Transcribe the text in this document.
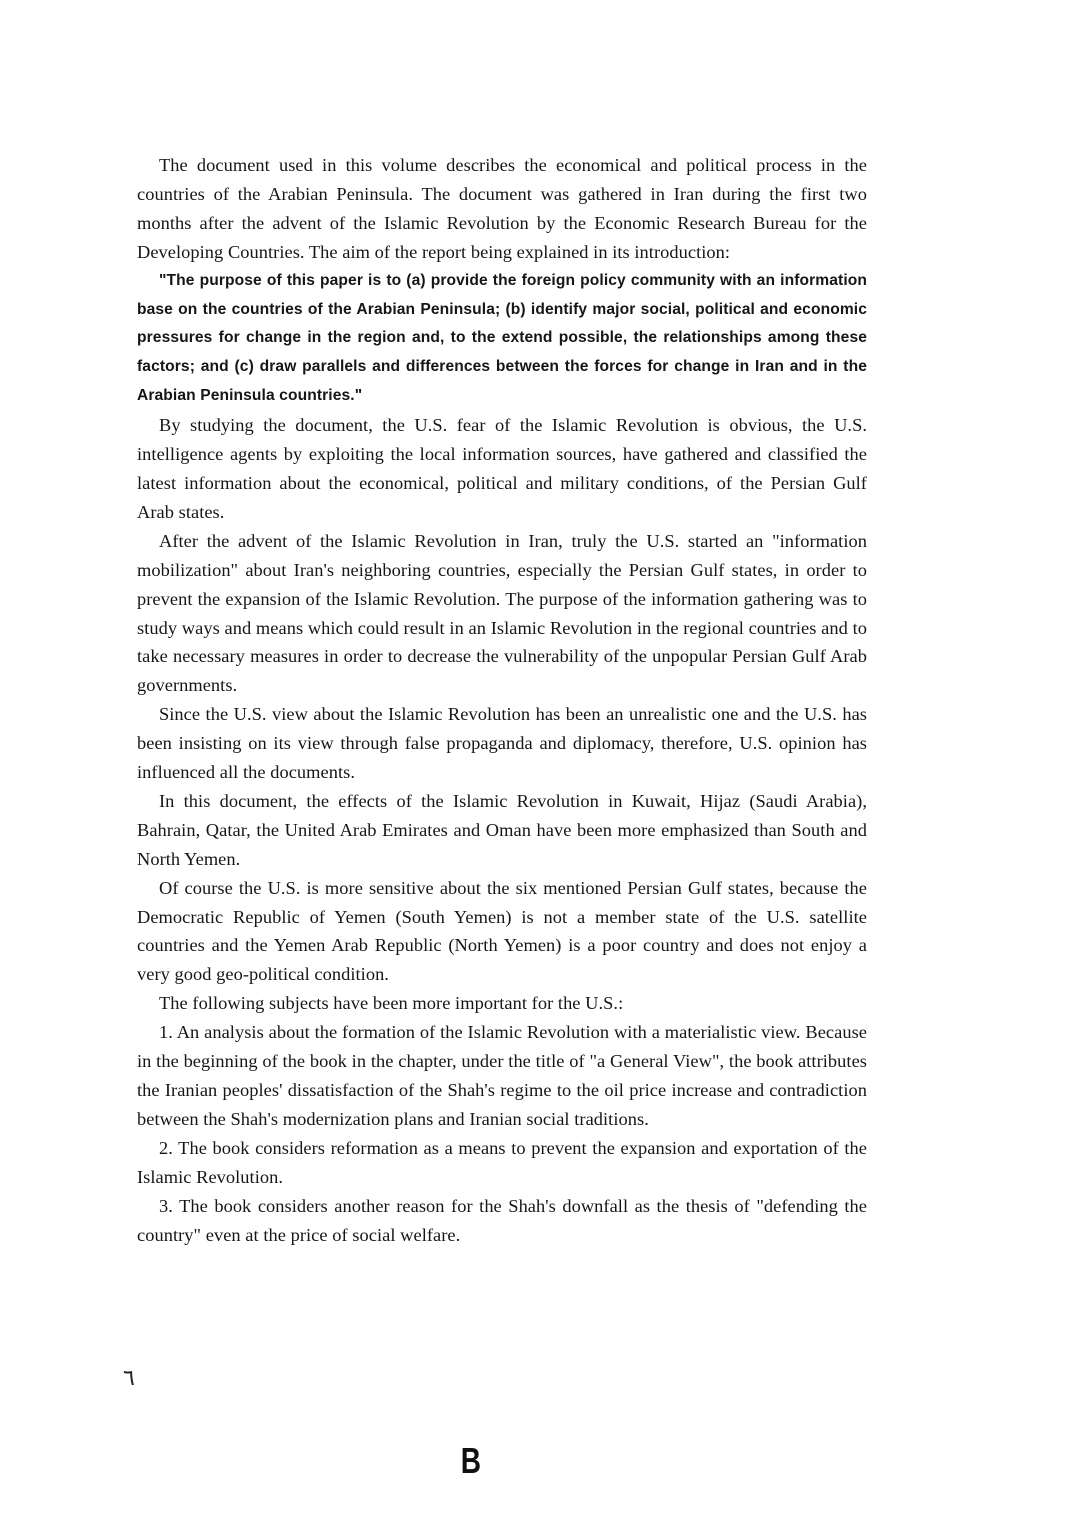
The document used in this volume describes the economical and political process in the countries of the Arabian Peninsula. The document was gathered in Iran during the first two months after the advent of the Islamic Revolution by the Economic Research Bureau for the Developing Countries. The aim of the report being explained in its introduction:

"The purpose of this paper is to (a) provide the foreign policy community with an information base on the countries of the Arabian Peninsula; (b) identify major social, political and economic pressures for change in the region and, to the extend possible, the relationships among these factors; and (c) draw parallels and differences between the forces for change in Iran and in the Arabian Peninsula countries."

By studying the document, the U.S. fear of the Islamic Revolution is obvious, the U.S. intelligence agents by exploiting the local information sources, have gathered and classified the latest information about the economical, political and military conditions, of the Persian Gulf Arab states.

After the advent of the Islamic Revolution in Iran, truly the U.S. started an "information mobilization" about Iran's neighboring countries, especially the Persian Gulf states, in order to prevent the expansion of the Islamic Revolution. The purpose of the information gathering was to study ways and means which could result in an Islamic Revolution in the regional countries and to take necessary measures in order to decrease the vulnerability of the unpopular Persian Gulf Arab governments.

Since the U.S. view about the Islamic Revolution has been an unrealistic one and the U.S. has been insisting on its view through false propaganda and diplomacy, therefore, U.S. opinion has influenced all the documents.

In this document, the effects of the Islamic Revolution in Kuwait, Hijaz (Saudi Arabia), Bahrain, Qatar, the United Arab Emirates and Oman have been more emphasized than South and North Yemen.

Of course the U.S. is more sensitive about the six mentioned Persian Gulf states, because the Democratic Republic of Yemen (South Yemen) is not a member state of the U.S. satellite countries and the Yemen Arab Republic (North Yemen) is a poor country and does not enjoy a very good geo-political condition.

The following subjects have been more important for the U.S.:

1. An analysis about the formation of the Islamic Revolution with a materialistic view. Because in the beginning of the book in the chapter, under the title of "a General View", the book attributes the Iranian peoples' dissatisfaction of the Shah's regime to the oil price increase and contradiction between the Shah's modernization plans and Iranian social traditions.

2. The book considers reformation as a means to prevent the expansion and exportation of the Islamic Revolution.

3. The book considers another reason for the Shah's downfall as the thesis of "defending the country" even at the price of social welfare.

٦
B
